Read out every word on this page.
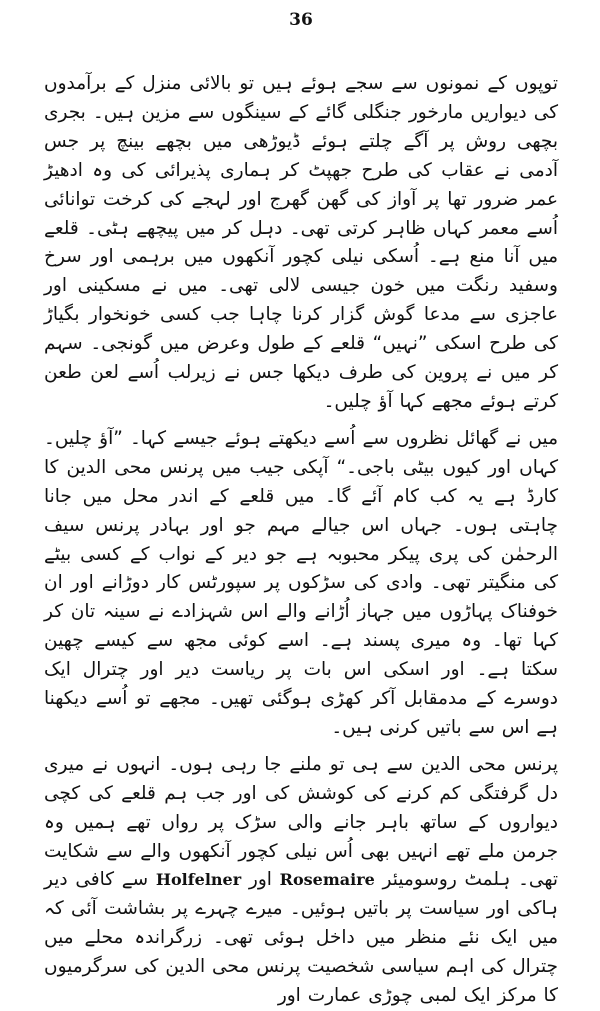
36

توپوں کے نمونوں سے سجے ہوئے ہیں تو بالائی منزل کے برآمدوں کی دیواریں مارخور جنگلی گائے کے سینگوں سے مزین ہیں۔ بجری بچھی روش پر آگے چلتے ہوئے ڈیوڑھی میں بچھے بینچ پر جس آدمی نے عقاب کی طرح جھپٹ کر ہماری پذیرائی کی وہ ادھیڑ عمر ضرور تھا پر آواز کی گھن گھرج اور لہجے کی کرخت توانائی اُسے معمر کہاں ظاہر کرتی تھی۔ دہل کر میں پیچھے ہٹی۔ قلعے میں آنا منع ہے۔ اُسکی نیلی کچور آنکھوں میں برہمی اور سرخ وسفید رنگت میں خون جیسی لالی تھی۔ میں نے مسکینی اور عاجزی سے مدعا گوش گزار کرنا چاہا جب کسی خونخوار بگیاڑ کی طرح اسکی ”نہیں“ قلعے کے طول وعرض میں گونجی۔ سہم کر میں نے پروین کی طرف دیکھا جس نے زیرلب اُسے لعن طعن کرتے ہوئے مجھے کہا آؤ چلیں۔

میں نے گھائل نظروں سے اُسے دیکھتے ہوئے جیسے کہا۔ ”آؤ چلیں۔ کہاں اور کیوں بیٹی باجی۔“ آپکی جیب میں پرنس محی الدین کا کارڈ ہے یہ کب کام آئے گا۔ میں قلعے کے اندر محل میں جانا چاہتی ہوں۔ جہاں اس جیالے مہم جو اور بہادر پرنس سیف الرحمٰن کی پری پیکر محبوبہ ہے جو دیر کے نواب کے کسی بیٹے کی منگیتر تھی۔ وادی کی سڑکوں پر سپورٹس کار دوڑانے اور ان خوفناک پہاڑوں میں جہاز اُڑانے والے اس شہزادے نے سینہ تان کر کہا تھا۔ وہ میری پسند ہے۔ اسے کوئی مجھ سے کیسے چھین سکتا ہے۔ اور اسکی اس بات پر ریاست دیر اور چترال ایک دوسرے کے مدمقابل آکر کھڑی ہوگئی تھیں۔ مجھے تو اُسے دیکھنا ہے اس سے باتیں کرنی ہیں۔

پرنس محی الدین سے ہی تو ملنے جا رہی ہوں۔ انہوں نے میری دل گرفتگی کم کرنے کی کوشش کی اور جب ہم قلعے کی کچی دیواروں کے ساتھ باہر جانے والی سڑک پر رواں تھے ہمیں وہ جرمن ملے تھے انہیں بھی اُس نیلی کچور آنکھوں والے سے شکایت تھی۔ ہلمٹ روسومیئر Rosemaire اور Holfelner سے کافی دیر ہاکی اور سیاست پر باتیں ہوئیں۔ میرے چہرے پر بشاشت آئی کہ میں ایک نئے منظر میں داخل ہوئی تھی۔ زرگراندہ محلے میں چترال کی اہم سیاسی شخصیت پرنس محی الدین کی سرگرمیوں کا مرکز ایک لمبی چوڑی عمارت اور
